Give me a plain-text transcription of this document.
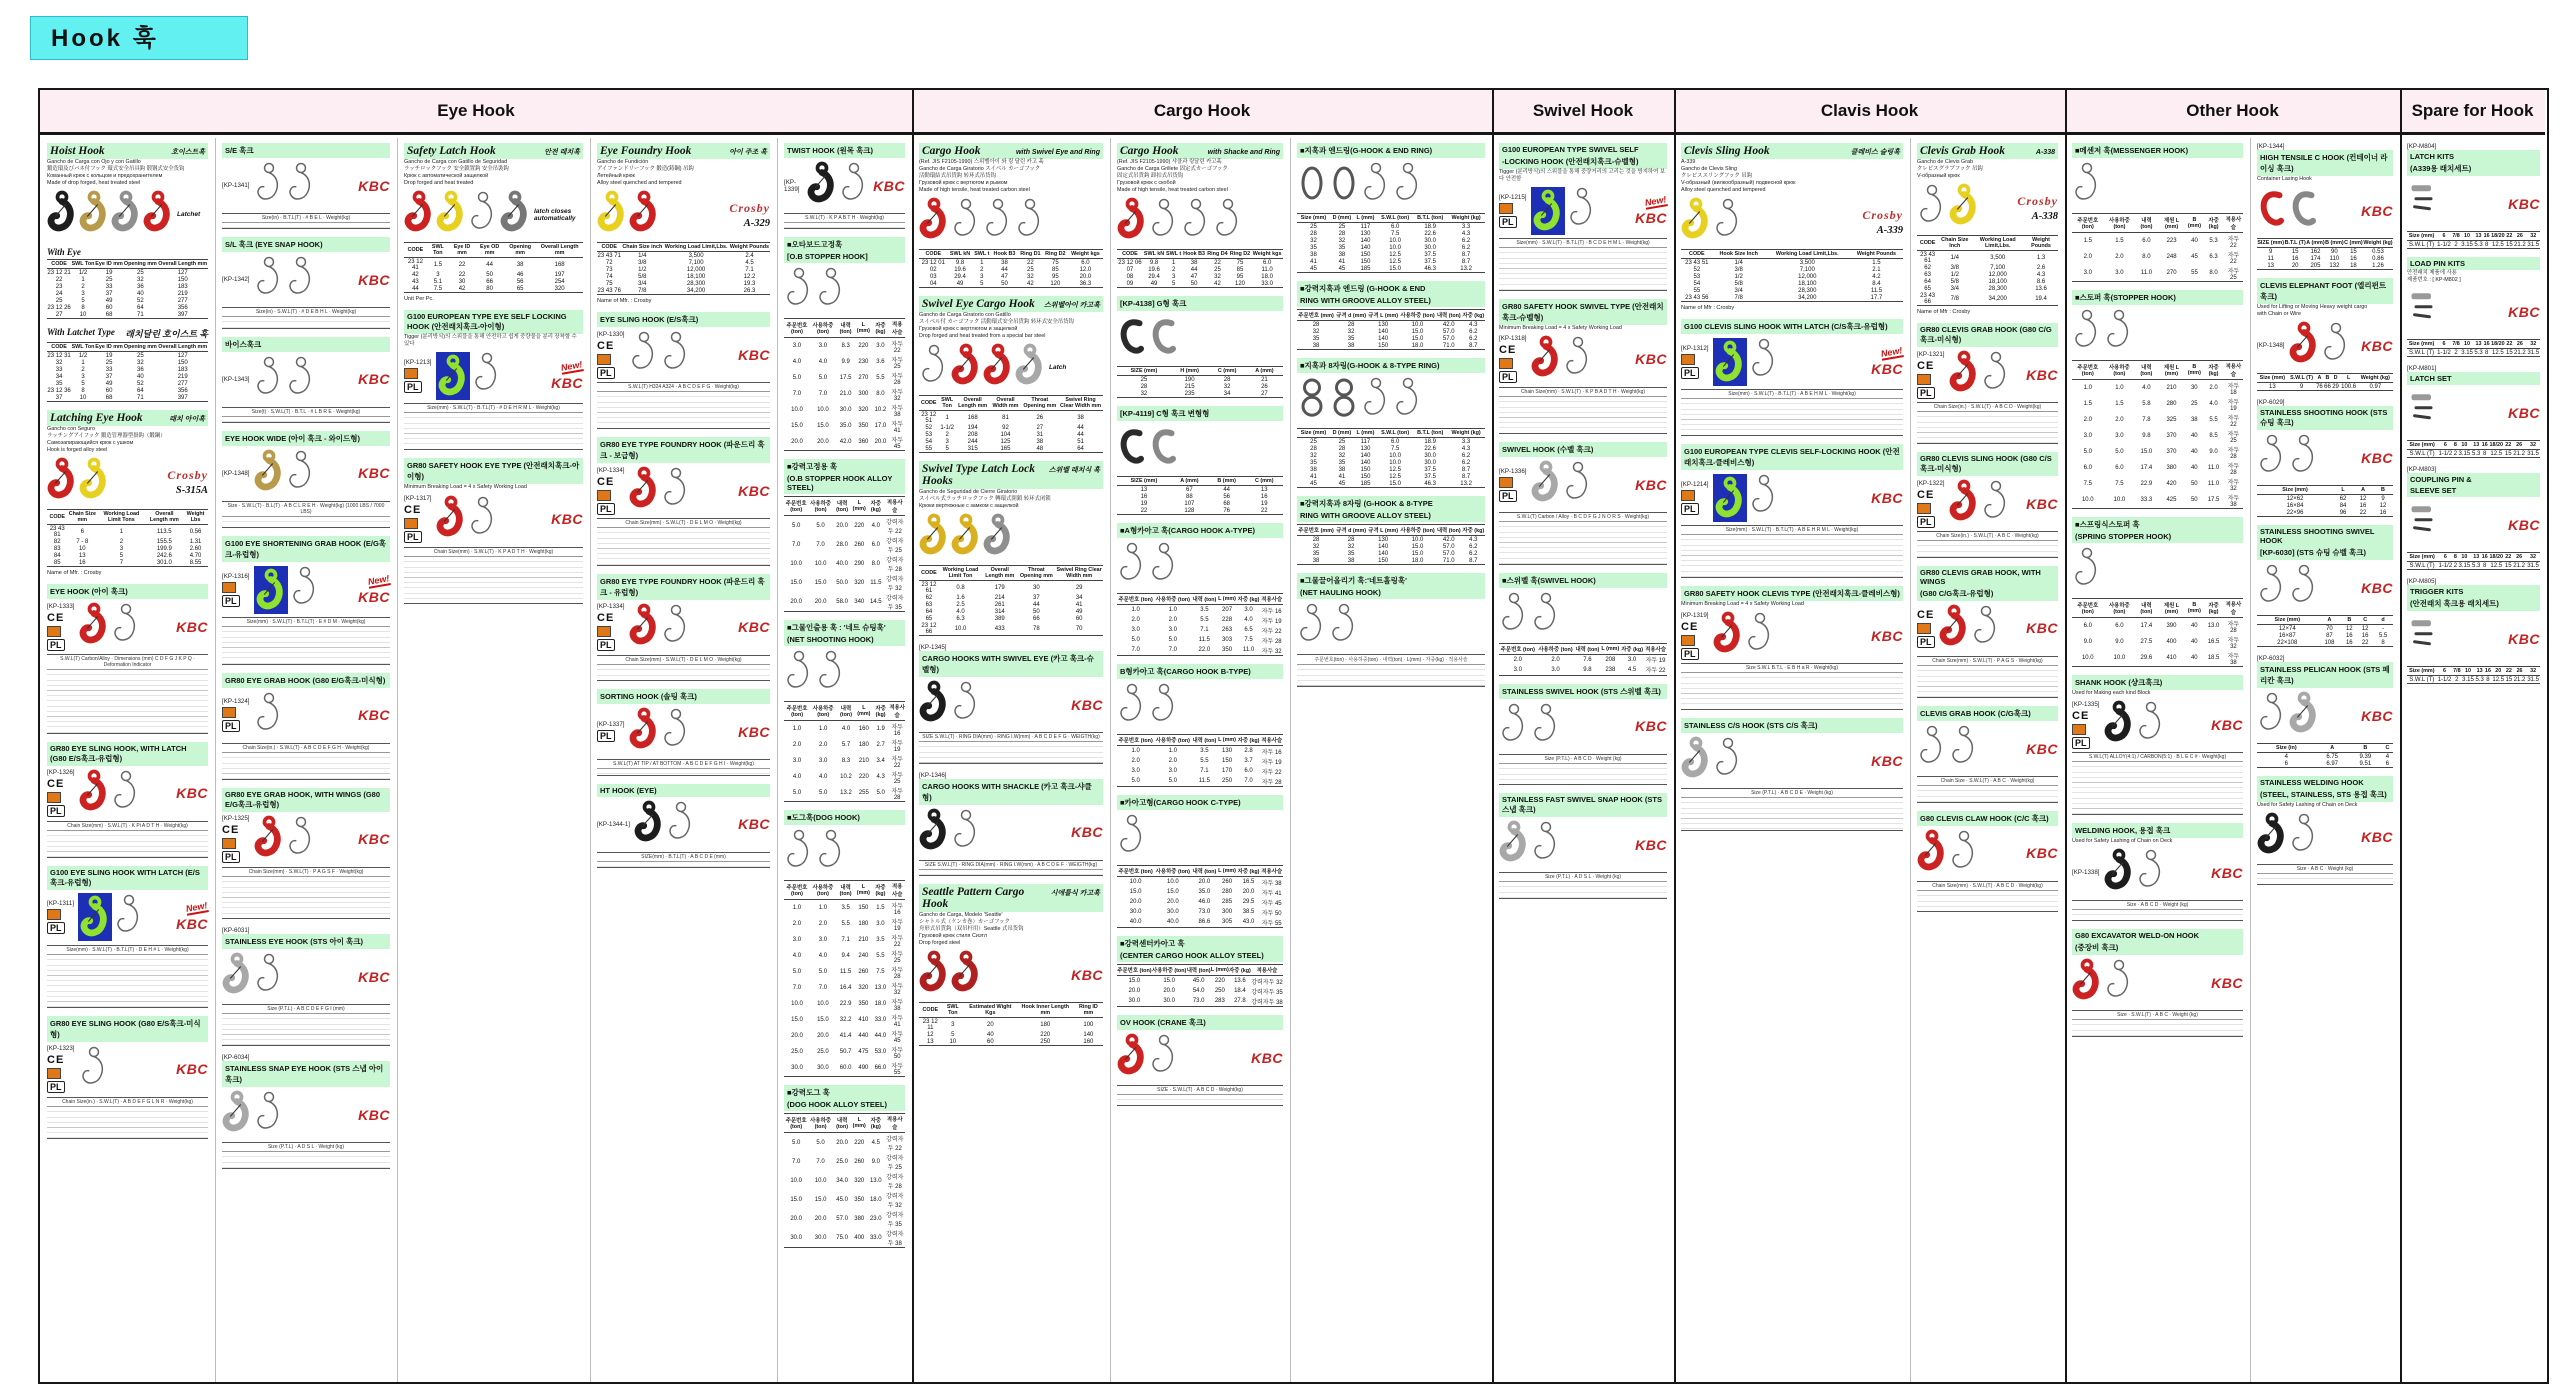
Hook 훅
Hoist Hook	호이스트훅
Gancho de Carga con Ojo y con Gatillo
鍛造環及びバネ付フック 環式安全吊具鈎 锻钢式安全货钩
Кованный крюк с кольцом и предохранителем
Made of drop forged, heat treated steel
Latchet
With Eye
CODE	SWL Ton	Eye ID mm	Opening mm	Overall Length mm
23 12 21	1/2	19	25	127
22	1	25	32	150
23	2	33	36	183
24	3	37	40	219
25	5	49	52	277
23 12 26	8	60	64	356
27	10	68	71	397
With Latchet Type 래치달린 호이스트 훅
CODE	SWL Ton	Eye ID mm	Opening mm	Overall Length mm
23 12 31	1/2	19	25	127
32	1	25	32	150
33	2	33	36	183
34	3	37	40	219
35	5	49	52	277
23 12 36	8	60	64	356
37	10	68	71	397
Latching Eye Hook	래치 아이훅
Gancho con Seguro
ラッチングアイフック 鍛造管理器型掛鈎（鍛鋼）
Самозапирающийся крюк с ушком
Hook is forged alloy steel
Crosby
S-315A
CODE	Chain Size mm	Working Load Limit Tons	Overall Length mm	Weight Lbs
23 43 81	6	1	113.5	0.56
82	7 - 8	2	155.5	1.31
83	10	3	199.9	2.60
84	13	5	242.6	4.70
85	16	7	301.0	8.55
Name of Mfr. : Crosby
EYE HOOK (아이 훅크)
[KP-1333]
CE
PL
KBC
S.W.L(T) Carbon/Alloy · Dimensions (mm) C D F G J K P Q · Deformation Indicator
GR80 EYE SLING HOOK, WITH LATCH (G80 E/S훅크-유럽형)
[KP-1326]
CE
PL
KBC
Chain Size(mm) · S.W.L(T) · K Pi A D T H · Weight(kg)
G100 EYE SLING HOOK WITH LATCH (E/S훅크-유럽형)
[KP-1311]
PL
New!
KBC
Size(mm) · S.W.L(T) · B.T.L(T) · D E H # L · Weight(kg)
GR80 EYE SLING HOOK (G80 E/S훅크-미식형)
[KP-1323]
CE
PL
KBC
Chain Size(in.) · S.W.L(T) · A B D E F G L N R · Weight(kg)
S/E 훅크
[KP-1341]	KBC
Size(in) · B.T.L(T) · # B E L · Weight(kg)
S/L 훅크 (EYE SNAP HOOK)
[KP-1342]	KBC
Size(in) · S.W.L(T) · # D E B H L · Weight(kg)
바이스훅크
[KP-1343]	KBC
Size(t) · S.W.L(T) · B.T.L · # L B R E · Weight(kg)
EYE HOOK WIDE (아이 훅크 - 와이드형)
[KP-1348]	KBC
Size · S.W.L(T) · B.L(T) · A B C L R E H · Weight(kg) (1000 LBS / 7000 LBS)
G100 EYE SHORTENING GRAB HOOK (E/G훅크-유럽형)
[KP-1316]
PL
New!
KBC
Size(mm) · S.W.L(T) · B.T.L(T) · E # D M · Weight(kg)
GR80 EYE GRAB HOOK (G80 E/G훅크-미식형)
[KP-1324]
PL
KBC
Chain Size(in.) · S.W.L(T) · A B C D E F G H · Weight(kg)
GR80 EYE GRAB HOOK, WITH WINGS (G80 E/G훅크-유럽형)
[KP-1325]
CE
PL
KBC
Chain Size(mm) · S.W.L(T) · P A G S F · Weight(kg)
[KP-6031]
STAINLESS EYE HOOK (STS 아이 훅크)
KBC
Size (P.T.L) · A B C D E F G I (mm)
[KP-6034]
STAINLESS SNAP EYE HOOK (STS 스냅 아이 훅크)
KBC
Size (P.T.L) · A D S L · Weight (kg)
Safety Latch Hook	안전 래치훅
Gancho de Carga con Gatillo de Seguridad
ラッチロックフック 安全鎖置鈎 安全吊裝鈎
Крюк с автоматической защелкой
Drop forged and heat treated
latch closes automatically
CODE	SWL Ton	Eye ID mm	Eye OD mm	Opening mm	Overall Length mm
23 12 41	1.5	22	44	38	168
42	3	22	50	46	197
43	5.1	30	66	56	254
44	7.5	42	80	65	320
Unit Per Pc.
G100 EUROPEAN TYPE EYE SELF LOCKING HOOK (안전래치훅크-아이형)
Tigger (분리방식)의 스위블을 통해 안전하고 쉽게 중량물을 분리 장착할 수 있다
[KP-1213]
PL
New!
KBC
Size(mm) · S.W.L(T) · B.T.L(T) · # D E H R M L · Weight(kg)
GR80 SAFETY HOOK EYE TYPE (안전래치훅크-아이형)
Minimum Breaking Load = 4 x Safety Working Load
[KP-1317]
CE
PL
KBC
Chain Size(mm) · S.W.L(T) · K P A D T H · Weight(kg)
Eye Foundry Hook	아이 주조 훅
Gancho de Fundición
アイファンドリーフック 鍛造(鋳鋼) 吊鈎
Летейный крюк
Alloy steel quenched and tempered
Crosby
A-329
CODE	Chain Size inch	Working Load Limit,Lbs.	Weight Pounds
23 43 71	1/4	3,500	2.4
72	3/8	7,100	4.5
73	1/2	12,000	7.1
74	5/8	18,100	12.2
75	3/4	28,300	19.3
23 43 76	7/8	34,200	26.3
Name of Mfr. : Crosby
EYE SLING HOOK (E/S훅크)
[KP-1330]
CE
PL
KBC
S.W.L(T) H324 A324 · A B C D E F G · Weight(kg)
GR80 EYE TYPE FOUNDRY HOOK (파운드리 훅크 - 보급형)
[KP-1334]
CE
PL
KBC
Chain Size(mm) · S.W.L(T) · D E L M O · Weight(kg)
GR80 EYE TYPE FOUNDRY HOOK (파운드리 훅크 - 유럽형)
[KP-1334]
CE
PL
KBC
Chain Size(mm) · S.W.L(T) · D E L M O · Weight(kg)
SORTING HOOK (솔팅 훅크)
[KP-1337]
PL	KBC
S.W.L(T) AT TIP / AT BOTTOM · A B C D E F G H I · Weight(kg)
HT HOOK (EYE)
[KP-1344-1]	KBC
SIZE(mm) · B.T.L(T) · A B C D E (mm)
TWIST HOOK (원목 훅크)
[KP-1339]	KBC
S.W.L(T) · K P A B T H · Weight(kg)
■오타보드고정훅
[O.B STOPPER HOOK]
주문번호 (ton)	사용하중 (ton)	내력 (ton)	L (mm)	자중 (kg)	적용사슬
3.0	3.0	8.3	220	3.0	자두 22
4.0	4.0	9.9	230	3.6	자두 25
5.0	5.0	17.5	270	5.5	자두 28
7.0	7.0	21.0	300	8.0	자두 32
10.0	10.0	30.0	320	10.2	자두 38
15.0	15.0	35.0	350	17.0	자두 41
20.0	20.0	42.0	360	20.0	자두 45
■강력고정용 훅
(O.B STOPPER HOOK ALLOY STEEL)
주문번호 (ton)	사용하중 (ton)	내력 (ton)	L (mm)	자중 (kg)	적용사슬
5.0	5.0	20.0	220	4.0	강력자두 22
7.0	7.0	28.0	260	6.0	강력자두 25
10.0	10.0	40.0	290	8.0	강력자두 28
15.0	15.0	50.0	320	11.5	강력자두 32
20.0	20.0	58.0	340	14.5	강력자두 35
■그물인출용 훅 : '네트 슈팅훅'
(NET SHOOTING HOOK)
주문번호 (ton)	사용하중 (ton)	내력 (ton)	L (mm)	자중 (kg)	적용사슬
1.0	1.0	4.0	160	1.9	자두 16
2.0	2.0	5.7	180	2.7	자두 19
3.0	3.0	8.3	210	3.4	자두 22
4.0	4.0	10.2	220	4.3	자두 25
5.0	5.0	13.2	255	5.0	자두 28
■도그훅(DOG HOOK)
주문번호 (ton)	사용하중 (ton)	내력 (ton)	L (mm)	자중 (kg)	적용사슬
1.0	1.0	3.5	150	1.5	자두 16
2.0	2.0	5.5	180	3.0	자두 19
3.0	3.0	7.1	210	3.5	자두 22
4.0	4.0	9.4	240	5.5	자두 25
5.0	5.0	11.5	260	7.5	자두 28
7.0	7.0	16.4	320	13.0	자두 32
10.0	10.0	22.9	350	18.0	자두 38
15.0	15.0	32.2	410	33.0	자두 41
20.0	20.0	41.4	440	44.0	자두 45
25.0	25.0	50.7	475	53.0	자두 50
30.0	30.0	60.0	490	66.0	자두 55
■강력도그 훅
(DOG HOOK ALLOY STEEL)
주문번호 (ton)	사용하중 (ton)	내력 (ton)	L (mm)	자중 (kg)	적용사슬
5.0	5.0	20.0	220	4.5	강력자두 22
7.0	7.0	25.0	260	9.0	강력자두 25
10.0	10.0	34.0	320	13.0	강력자두 28
15.0	15.0	45.0	350	18.0	강력자두 32
20.0	20.0	57.0	380	23.0	강력자두 35
30.0	30.0	75.0	400	33.0	강력자두 38
Cargo Hook	with Swivel Eye and Ring
(Ref. JIS F2105-1990) 스위벨아이 와 링 달린 카고 훅
Gancho de Carga Giratorio スイベル カーゴフック
活動環結式吊貨鈎 转环式吊货钩
Грузовой крюк с вертюгом и рымом
Made of high tensile, heat treated carbon steel
CODE	SWL kN	SWL t	Hook B3	Ring D1	Ring D2	Weight kgs
23 12 01	9.8	1	38	22	75	6.0
02	19.6	2	44	25	85	12.0
03	29.4	3	47	32	95	20.0
04	49	5	50	42	120	36.3
Swivel Eye Cargo Hook 스위벨아이 카고훅
Gancho de Carga Giratorio con Gatillo
スイベル付 カーゴフック 活動環式安全吊貨鈎 转环式安全吊货钩
Грузовой крюк с вертлюгом и защелкой
Drop forged and heat treated from a special bar steel
Latch
CODE	SWL Ton	Overall Length mm	Overall Width mm	Throat Opening mm	Swivel Ring Clear Width mm
23 12 51	1	168	81	26	38
52	1-1/2	194	92	27	44
53	2	208	104	31	44
54	3	244	125	38	51
55	5	315	165	48	64
Swivel Type Latch Lock Hooks
스위벨 래치식 훅
Gancho de Seguridad de Cierre Giratorio
スイベル式ラッチロックフック 轉環式閉鎖 转环式闭锁
Крюки вертюжные с замком с защелкой
CODE	Working Load Limit Ton	Overall Length mm	Throat Opening mm	Swivel Ring Clear Width mm
23 12 61	0.8	179	30	29
62	1.6	214	37	34
63	2.5	261	44	41
64	4.0	314	50	49
65	6.3	389	66	60
23 12 66	10.0	433	78	70
[KP-1345]
CARGO HOOKS WITH SWIVEL EYE (카고 훅크-슈벨형)
KBC
SIZE S.W.L(T) · RING DIA(mm) · RING I.W(mm) · A B C D E F G · WEIGTH(kg)
[KP-1346]
CARGO HOOKS WITH SHACKLE (카고 훅크-샤클형)
KBC
SIZE S.W.L(T) · RING DIA(mm) · RING I.W(mm) · A B C D E F · WEIGTH(kg)
Seattle Pattern Cargo Hook
시애틀식 카고훅
Gancho de Carga, Modelo 'Seattle'
シャトル式（ケンカ巻）カーゴフック
舟形式吊貨鈎（双吊杆用）Seattle 式吊货钩
Грузовой крюк стиля Сиэтл
Drop forged steel
KBC
CODE	SWL Ton	Estimated Wight Kgs	Hook Inner Length mm	Ring ID mm
23 12 11	3	20	180	100
12	5	40	220	140
13	10	60	250	160
Cargo Hook	with Shacke and Ring
(Ref. JIS F2105-1990) 샤클과 링달린 카고훅
Gancho de Carga Grillete 固定式カーゴフック
固定式吊貨鈎 卸扣式吊货钩
Грузовой крюк с скобой
Made of high tensile, heat treated carbon steel
CODE	SWL kN	SWL t	Hook B3	Ring D4	Ring D2	Weight kgs
23 12 06	9.8	1	38	22	75	6.0
07	19.6	2	44	25	85	11.0
08	29.4	3	47	32	95	18.0
09	49	5	50	42	120	33.0
[KP-4138] G형 훅크
SIZE (mm)	H (mm)	C (mm)	A (mm)
25	190	28	21
28	215	32	26
32	235	34	27
[KP-4119] C형 훅크 변형형
SIZE (mm)	A (mm)	B (mm)	C (mm)
13	67	44	13
16	88	56	16
19	107	68	19
22	128	76	22
■A형카아고 훅(CARGO HOOK A-TYPE)
주문번호 (ton)	사용하중 (ton)	내력 (ton)	L (mm)	자중 (kg)	적용사슬
1.0	1.0	3.5	207	3.0	자두 16
2.0	2.0	5.5	228	4.0	자두 19
3.0	3.0	7.1	263	6.5	자두 22
5.0	5.0	11.5	303	7.5	자두 28
7.0	7.0	22.0	350	11.0	자두 32
B형카아고 훅(CARGO HOOK B-TYPE)
주문번호 (ton)	사용하중 (ton)	내력 (ton)	L (mm)	자중 (kg)	적용사슬
1.0	1.0	3.5	130	2.8	자두 16
2.0	2.0	5.5	150	3.7	자두 19
3.0	3.0	7.1	170	6.0	자두 22
5.0	5.0	11.5	250	7.0	자두 28
■카아고형(CARGO HOOK C-TYPE)
주문번호 (ton)	사용하중 (ton)	내력 (ton)	L (mm)	자중 (kg)	적용사슬
10.0	10.0	20.0	260	16.5	자두 38
15.0	15.0	35.0	280	20.0	자두 41
20.0	20.0	46.0	285	29.5	자두 45
30.0	30.0	73.0	300	38.5	자두 50
40.0	40.0	86.6	305	43.0	자두 55
■강력센터카아고 훅
(CENTER CARGO HOOK ALLOY STEEL)
주문번호 (ton)	사용하중 (ton)	내력 (ton)	L (mm)	자중 (kg)	적용사슬
15.0	15.0	45.0	220	13.6	강력자두 32
20.0	20.0	54.0	250	18.4	강력자두 35
30.0	30.0	73.0	283	27.8	강력자두 38
OV HOOK (CRANE 훅크)
KBC
SIZE · S.W.L(T) · A B C D · Weight(kg)
■지훅과 엔드링(G-HOOK & END RING)
Size (mm)	D (mm)	L (mm)	S.W.L (ton)	B.T.L (ton)	Weight (kg)
25	25	117	6.0	18.9	3.3
28	28	130	7.5	22.6	4.3
32	32	140	10.0	30.0	6.2
35	35	140	10.0	30.0	6.2
38	38	150	12.5	37.5	8.7
41	41	150	12.5	37.5	8.7
45	45	185	15.0	46.3	13.2
■강력지훅과 엔드링 (G-HOOK & END
RING WITH GROOVE ALLOY STEEL)
주문번호 (mm)	규격 d (mm)	규격 L (mm)	사용하중 (ton)	내력 (ton)	자중 (kg)
28	28	130	10.0	42.0	4.3
32	32	140	15.0	57.0	6.2
35	35	140	15.0	57.0	6.2
38	38	150	18.0	71.0	8.7
■지훅과 8자링(G-HOOK & 8-TYPE RING)
Size (mm)	D (mm)	L (mm)	S.W.L (ton)	B.T.L (ton)	Weight (kg)
25	25	117	6.0	18.9	3.3
28	28	130	7.5	22.6	4.3
32	32	140	10.0	30.0	6.2
35	35	140	10.0	30.0	6.2
38	38	150	12.5	37.5	8.7
41	41	150	12.5	37.5	8.7
45	45	185	15.0	46.3	13.2
■강력지훅과 8자링 (G-HOOK & 8-TYPE
RING WITH GROOVE ALLOY STEEL)
주문번호 (mm)	규격 d (mm)	규격 L (mm)	사용하중 (ton)	내력 (ton)	자중 (kg)
28	28	130	10.0	42.0	4.3
32	32	140	15.0	57.0	6.2
35	35	140	15.0	57.0	6.2
38	38	150	18.0	71.0	8.7
■그물끌어올리기 훅:'네트홀링훅'
(NET HAULING HOOK)
주문번호(ton) · 사용하중(ton) · 내력(ton) · L(mm) · 자중(kg) · 적용사슬
G100 EUROPEAN TYPE SWIVEL SELF
-LOCKING HOOK (안전래치훅크-슈벨형)
Tigger (분리방식)의 스위블을 통해 중량거리의 고리는 것을 방지하여 보다 안전함
[KP-1215]
PL
New!
KBC
Size(mm) · S.W.L(T) · B.T.L(T) · B C D E H M L · Weight(kg)
GR80 SAFETY HOOK SWIVEL TYPE (안전래치훅크-슈벨형)
Minimum Breaking Load = 4 x Safety Working Load
[KP-1318]
CE
PL
KBC
Chain Size(mm) · S.W.L(T) · K P B A D T H · Weight(kg)
SWIVEL HOOK (수벨 훅크)
[KP-1336]
PL
KBC
S.W.L(T) Carbon / Alloy · B C D F G J N O R S · Weight(kg)
■스위벨 훅(SWIVEL HOOK)
주문번호 (ton)	사용하중 (ton)	내력 (ton)	L (mm)	자중 (kg)	적용사슬
2.0	2.0	7.6	208	3.0	자두 19
3.0	3.0	9.8	238	4.5	자두 22
STAINLESS SWIVEL HOOK (STS 스위벨 훅크)
KBC
Size (P.T.L) · A B C D · Weight (kg)
STAINLESS FAST SWIVEL SNAP HOOK (STS 스냅 훅크)
KBC
Size (P.T.L) · A D S L · Weight (kg)
Clevis Sling Hook	클레비스 슬링훅
A-339
Gancho de Clevis Sling
クレビススリングフック 吊鈎
V-образный (вилкообразный) подвесной крюк
Alloy steel quenched and tempered
Crosby
A-339
CODE	Hook Size Inch	Working Load Limit,Lbs.	Weight Pounds
23 43 51	1/4	3,500	1.5
52	3/8	7,100	2.1
53	1/2	12,000	4.2
54	5/8	18,100	8.4
55	3/4	28,300	11.5
23 43 56	7/8	34,200	17.7
Name of Mfr : Crosby
G100 CLEVIS SLING HOOK WITH LATCH (C/S훅크-유럽형)
[KP-1312]
PL
New!
KBC
Size(mm) · S.W.L(T) · B.T.L(T) · A B E H M L · Weight(kg)
G100 EUROPEAN TYPE CLEVIS SELF-LOCKING HOOK (안전래치훅크-클레비스형)
[KP-1214]
PL
KBC
Size(mm) · S.W.L(T) · B.T.L(T) · A B E H R M L · Weight(kg)
GR80 SAFETY HOOK CLEVIS TYPE (안전래치훅크-클레비스형)
Minimum Breaking Load = 4 x Safety Working Load
[KP-1319]
CE
PL
KBC
Size S.W.L B.T.L · E B H a R · Weight(kg)
STAINLESS C/S HOOK (STS C/S 훅크)
KBC
Size (P.T.L) · A B C D E · Weight (kg)
Clevis Grab Hook	A-338
Gancho de Clevis Grab
クレビスグラブフック 吊鈎
V-образный крюк
Crosby
A-338
CODE	Chain Size Inch	Working Load Limit,Lbs.	Weight Pounds
23 43 61	1/4	3,500	1.3
62	3/8	7,100	2.6
63	1/2	12,000	4.3
64	5/8	18,100	8.6
65	3/4	28,300	13.6
23 43 66	7/8	34,200	19.4
Name of Mfr : Crosby
GR80 CLEVIS GRAB HOOK (G80 C/G훅크-미식형)
[KP-1321]
CE
PL
KBC
Chain Size(in.) · S.W.L(T) · A B C D · Weight(kg)
GR80 CLEVIS SLING HOOK (G80 C/S훅크-미식형)
[KP-1322]
CE
PL
KBC
Chain Size(in.) · S.W.L(T) · A B C · Weight(kg)
GR80 CLEVIS GRAB HOOK, WITH WINGS
(G80 C/G훅크-유럽형)
CE
PL
KBC
Chain Size(mm) · S.W.L(T) · P A G S · Weight(kg)
CLEVIS GRAB HOOK (C/G훅크)
KBC
Chain Size · S.W.L(T) · A B C · Weight(kg)
G80 CLEVIS CLAW HOOK (C/C 훅크)
KBC
Chain Size(mm) · S.W.L(T) · A B C D · Weight(kg)
■메센저 훅(MESSENGER HOOK)
주문번호 (ton)	사용하중 (ton)	내력 (ton)	제원 L (mm)	B (mm)	자중 (kg)	적용사슬
1.5	1.5	6.0	223	40	5.3	자두 22
2.0	2.0	8.0	248	45	6.3	자두 22
3.0	3.0	11.0	270	55	8.0	자두 25
■스토퍼 훅(STOPPER HOOK)
주문번호 (ton)	사용하중 (ton)	내력 (ton)	제원 L (mm)	B (mm)	자중 (kg)	적용사슬
1.0	1.0	4.0	210	30	2.0	자두 18
1.5	1.5	5.8	280	25	4.0	자두 19
2.0	2.0	7.8	325	38	5.5	자두 22
3.0	3.0	9.8	370	40	8.5	자두 25
5.0	5.0	15.0	370	40	9.0	자두 28
6.0	6.0	17.4	380	40	11.0	자두 28
7.5	7.5	22.9	420	50	11.0	자두 32
10.0	10.0	33.3	425	50	17.5	자두 38
■스프링식스토퍼 훅
(SPRING STOPPER HOOK)
주문번호 (ton)	사용하중 (ton)	내력 (ton)	제원 L (mm)	B (mm)	자중 (kg)	적용사슬
6.0	6.0	17.4	390	40	13.0	자두 28
9.0	9.0	27.5	400	40	16.5	자두 32
10.0	10.0	29.6	410	40	18.5	자두 38
SHANK HOOK (샹크훅크)
Used for Making each kind Block
[KP-1335]
CE
PL
KBC
S.W.L(T) ALLOY(4:1) / CARBON(5:1) · B L E C # · Weight(kg)
WELDING HOOK, 용접 훅크
Used for Safety Lashing of Chain on Deck
[KP-1338]	KBC
Size · A B C D · Weight (kg)
G80 EXCAVATOR WELD-ON HOOK
(중장비 훅크)
KBC
Size · S.W.L(T) · A B C · Weight (kg)
[KP-1344]
HIGH TENSILE C HOOK (컨테이너 라이싱 훅크)
Container Lasing Hook
KBC
SIZE (mm)	B.T.L (T)	A (mm)	B (mm)	C (mm)	Weight (kg)
9	15	162	90	15	0.53
11	16	174	110	16	0.86
13	20	205	132	18	1.26
CLEVIS ELEPHANT FOOT (엘리펀트 훅크)
Used for Lifting or Moving Heavy weight cargo
with Chain or Wire
[KP-1348]	KBC
Size (mm)	S.W.L (T)	A	B	D	L	Weight (kg)
13	9	76	66	29	100.6	0.97
[KP-6029]
STAINLESS SHOOTING HOOK (STS 슈팅 훅크)
KBC
Size (mm)	L	A	B
12×62	62	12	9
16×84	84	16	12
22×96	96	22	16
STAINLESS SHOOTING SWIVEL HOOK
[KP-6030] (STS 슈팅 슈벨 훅크)
KBC
Size (mm)	A	B	C	d
12×74	70	12	12	-
16×87	87	16	16	5.5
22×108	108	16	22	8
[KP-6032]
STAINLESS PELICAN HOOK (STS 페리칸 훅크)
KBC
Size (in)	A	B	C
4	6.75	9.39	4
6	6.97	9.51	6
STAINLESS WELDING HOOK
(STEEL, STAINLESS, STS 용접 훅크)
Used for Safety Lashing of Chain on Deck
KBC
Size · A B C · Weight (kg)
[KP-M804]
LATCH KITS
(A339용 래치세트)
KBC
Size (mm)	6	7/8	10	13	16	18/20	22	26	32
S.W.L (T)	1-1/2	2	3.15	5.3	8	12.5	15	21.2	31.5
LOAD PIN KITS
안전래치 제품에 사용
제품번호 : [ KP-M802 ]
KBC
Size (mm)	6	7/8	10	13	16	18/20	22	26	32
S.W.L (T)	1-1/2	2	3.15	5.3	8	12.5	15	21.2	31.5
[KP-M801]
LATCH SET
KBC
Size (mm)	6	8	10	13	16	18/20	22	26	32
S.W.L (T)	1-1/2	2	3.15	5.3	8	12.5	15	21.2	31.5
[KP-M803]
COUPLING PIN &
SLEEVE SET
KBC
Size (mm)	6	8	10	13	16	18/20	22	26	32
S.W.L (T)	1-1/2	2	3.15	5.3	8	12.5	15	21.2	31.5
[KP-M805]
TRIGGER KITS
(안전래치 훅크용 래치세트)
KBC
Size (mm)	6	7/8	10	13	16	20	22	26	32
S.W.L (T)	1-1/2	2	3.15	5.3	8	12.5	15	21.2	31.5
Eye Hook	Cargo Hook	Swivel Hook	Clavis Hook	Other Hook	Spare for Hook
